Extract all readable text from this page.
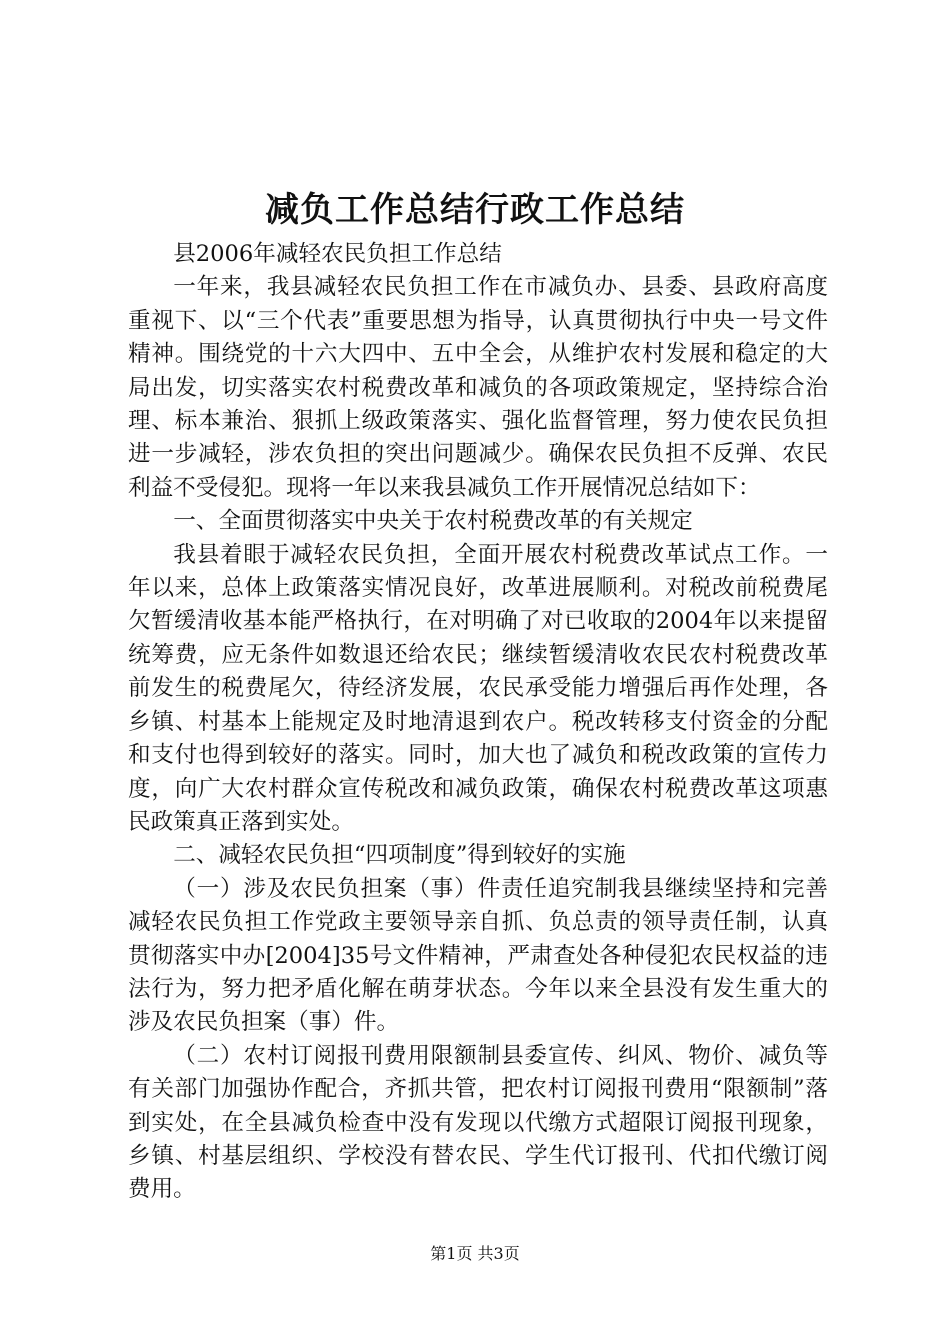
减负工作总结行政工作总结

县2006年减轻农民负担工作总结

一年来，我县减轻农民负担工作在市减负办、县委、县政府高度重视下、以“三个代表”重要思想为指导，认真贯彻执行中央一号文件精神。围绕党的十六大四中、五中全会，从维护农村发展和稳定的大局出发，切实落实农村税费改革和减负的各项政策规定，坚持综合治理、标本兼治、狠抓上级政策落实、强化监督管理，努力使农民负担进一步减轻，涉农负担的突出问题减少。确保农民负担不反弹、农民利益不受侵犯。现将一年以来我县减负工作开展情况总结如下：

一、全面贯彻落实中央关于农村税费改革的有关规定

我县着眼于减轻农民负担，全面开展农村税费改革试点工作。一年以来，总体上政策落实情况良好，改革进展顺利。对税改前税费尾欠暂缓清收基本能严格执行，在对明确了对已收取的2004年以来提留统筹费，应无条件如数退还给农民；继续暂缓清收农民农村税费改革前发生的税费尾欠，待经济发展，农民承受能力增强后再作处理，各乡镇、村基本上能规定及时地清退到农户。税改转移支付资金的分配和支付也得到较好的落实。同时，加大也了减负和税改政策的宣传力度，向广大农村群众宣传税改和减负政策，确保农村税费改革这项惠民政策真正落到实处。

二、减轻农民负担“四项制度”得到较好的实施

（一）涉及农民负担案（事）件责任追究制我县继续坚持和完善减轻农民负担工作党政主要领导亲自抓、负总责的领导责任制，认真贯彻落实中办[2004]35号文件精神，严肃查处各种侵犯农民权益的违法行为，努力把矛盾化解在萌芽状态。今年以来全县没有发生重大的涉及农民负担案（事）件。

（二）农村订阅报刊费用限额制县委宣传、纠风、物价、减负等有关部门加强协作配合，齐抓共管，把农村订阅报刊费用“限额制”落到实处，在全县减负检查中没有发现以代缴方式超限订阅报刊现象，乡镇、村基层组织、学校没有替农民、学生代订报刊、代扣代缴订阅费用。

第1页 共3页
